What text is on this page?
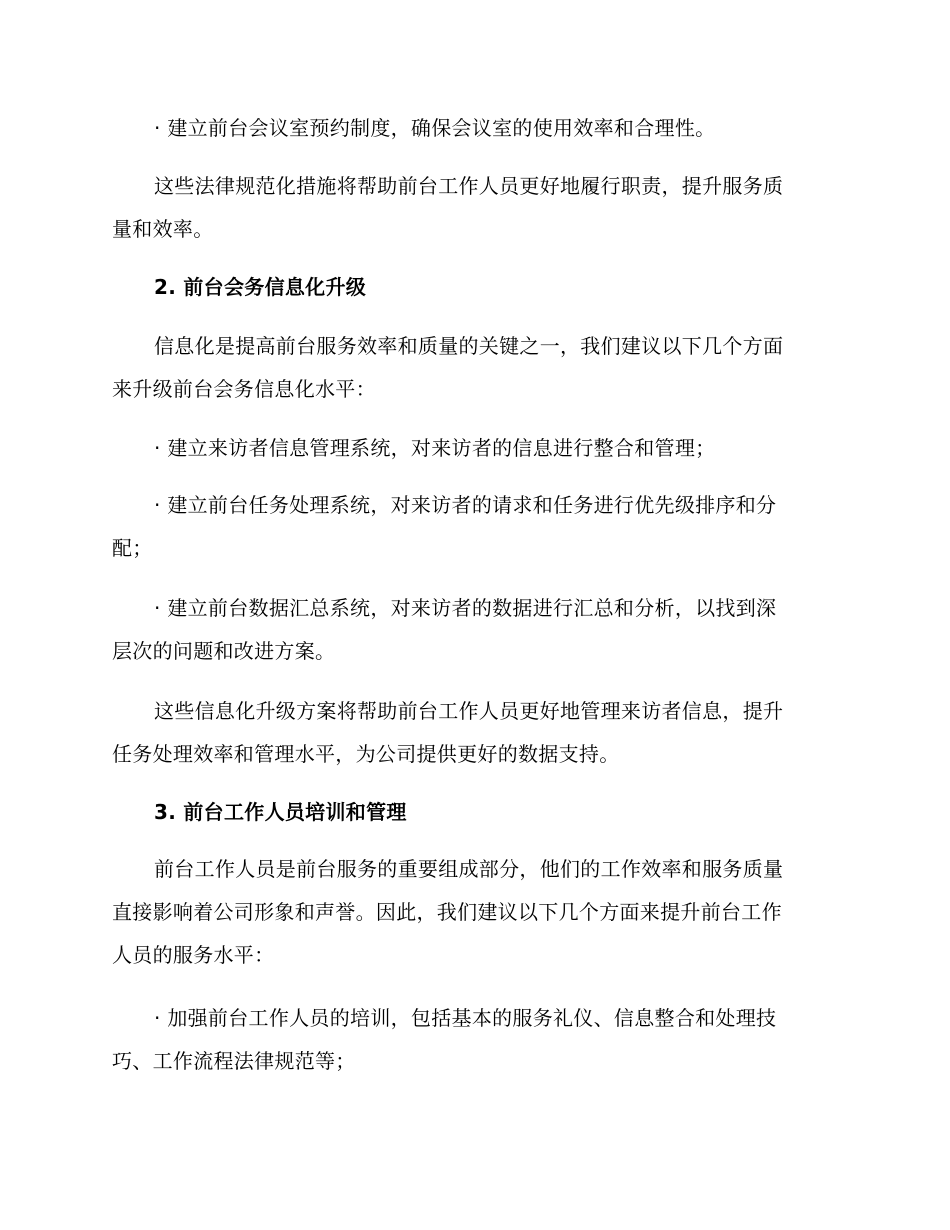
· 建立前台会议室预约制度，确保会议室的使用效率和合理性。

这些法律规范化措施将帮助前台工作人员更好地履行职责，提升服务质
量和效率。

2. 前台会务信息化升级

信息化是提高前台服务效率和质量的关键之一，我们建议以下几个方面
来升级前台会务信息化水平：

· 建立来访者信息管理系统，对来访者的信息进行整合和管理；

· 建立前台任务处理系统，对来访者的请求和任务进行优先级排序和分
配；

· 建立前台数据汇总系统，对来访者的数据进行汇总和分析，以找到深
层次的问题和改进方案。

这些信息化升级方案将帮助前台工作人员更好地管理来访者信息，提升
任务处理效率和管理水平，为公司提供更好的数据支持。

3. 前台工作人员培训和管理

前台工作人员是前台服务的重要组成部分，他们的工作效率和服务质量
直接影响着公司形象和声誉。因此，我们建议以下几个方面来提升前台工作
人员的服务水平：

· 加强前台工作人员的培训，包括基本的服务礼仪、信息整合和处理技
巧、工作流程法律规范等；
